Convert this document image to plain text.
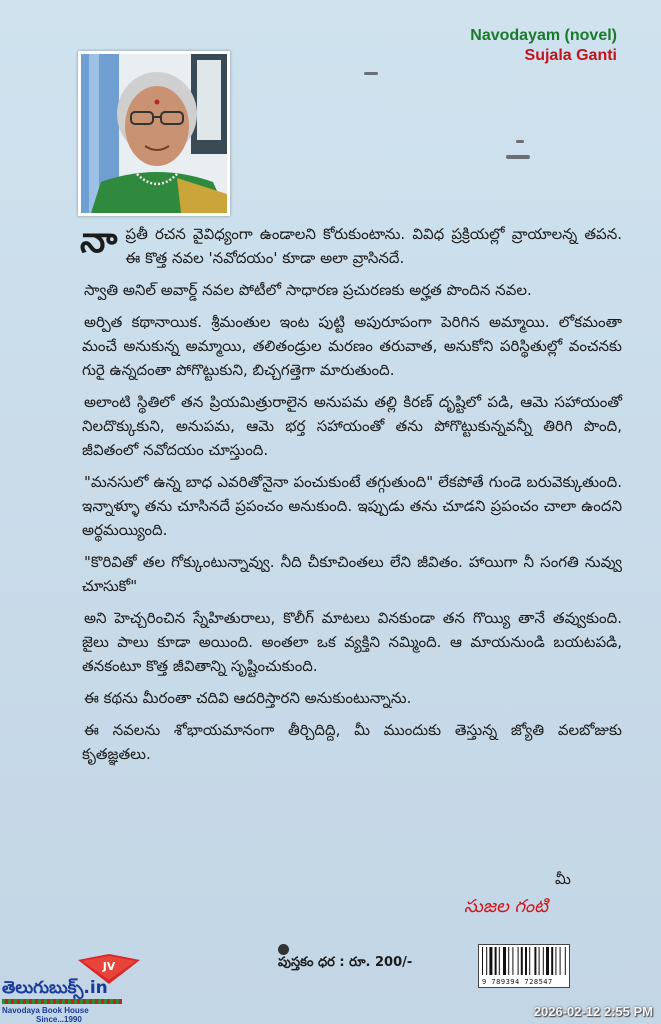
Navodayam (novel)
Sujala Ganti

నాప్రతీ రచన వైవిధ్యంగా ఉండాలని కోరుకుంటాను. వివిధ ప్రక్రియల్లో వ్రాయాలన్న తపన. ఈ కొత్త నవల 'నవోదయం' కూడా అలా వ్రాసినదే.

స్వాతి అనిల్ అవార్డ్ నవల పోటీలో సాధారణ ప్రచురణకు అర్హత పొందిన నవల.

అర్పిత కథానాయిక. శ్రీమంతుల ఇంట పుట్టి అపురూపంగా పెరిగిన అమ్మాయి. లోకమంతా మంచే అనుకున్న అమ్మాయి, తలితండ్రుల మరణం తరువాత, అనుకోని పరిస్థితుల్లో వంచనకు గురై ఉన్నదంతా పోగొట్టుకుని, బిచ్చగత్తెగా మారుతుంది.

అలాంటి స్థితిలో తన ప్రియమిత్రురాలైన అనుపమ తల్లి కిరణ్ దృష్టిలో పడి, ఆమె సహాయంతో నిలదొక్కుకుని, అనుపమ, ఆమె భర్త సహాయంతో తను పోగొట్టుకున్నవన్నీ తిరిగి పొంది, జీవితంలో నవోదయం చూస్తుంది.

"మనసులో ఉన్న బాధ ఎవరితోనైనా పంచుకుంటే తగ్గుతుంది" లేకపోతే గుండె బరువెక్కుతుంది. ఇన్నాళ్ళూ తను చూసినదే ప్రపంచం అనుకుంది. ఇప్పుడు తను చూడని ప్రపంచం చాలా ఉందని అర్థమయ్యింది.

"కొరివితో తల గోక్కుంటున్నావ్వు. నీది చీకూచింతలు లేని జీవితం. హాయిగా నీ సంగతి నువ్వు చూసుకో"

అని హెచ్చరించిన స్నేహితురాలు, కొలీగ్ మాటలు వినకుండా తన గొయ్యి తానే తవ్వుకుంది. జైలు పాలు కూడా అయింది. అంతలా ఒక వ్యక్తిని నమ్మింది. ఆ మాయనుండి బయటపడి, తనకంటూ కొత్త జీవితాన్ని సృష్టించుకుంది.

ఈ కథను మీరంతా చదివి ఆదరిస్తారని అనుకుంటున్నాను.

ఈ నవలను శోభాయమానంగా తీర్చిదిద్ది, మీ ముందుకు తెస్తున్న జ్యోతి వలబోజుకు కృతజ్ఞతలు.

మీ
సుజల గంటి
JV
తెలుగుబుక్స్.in
Navodaya Book House
Since...1990
పుస్తకం ధర : రూ. 200/-
9 789394 728547
2026-02-12 2:55 PM
